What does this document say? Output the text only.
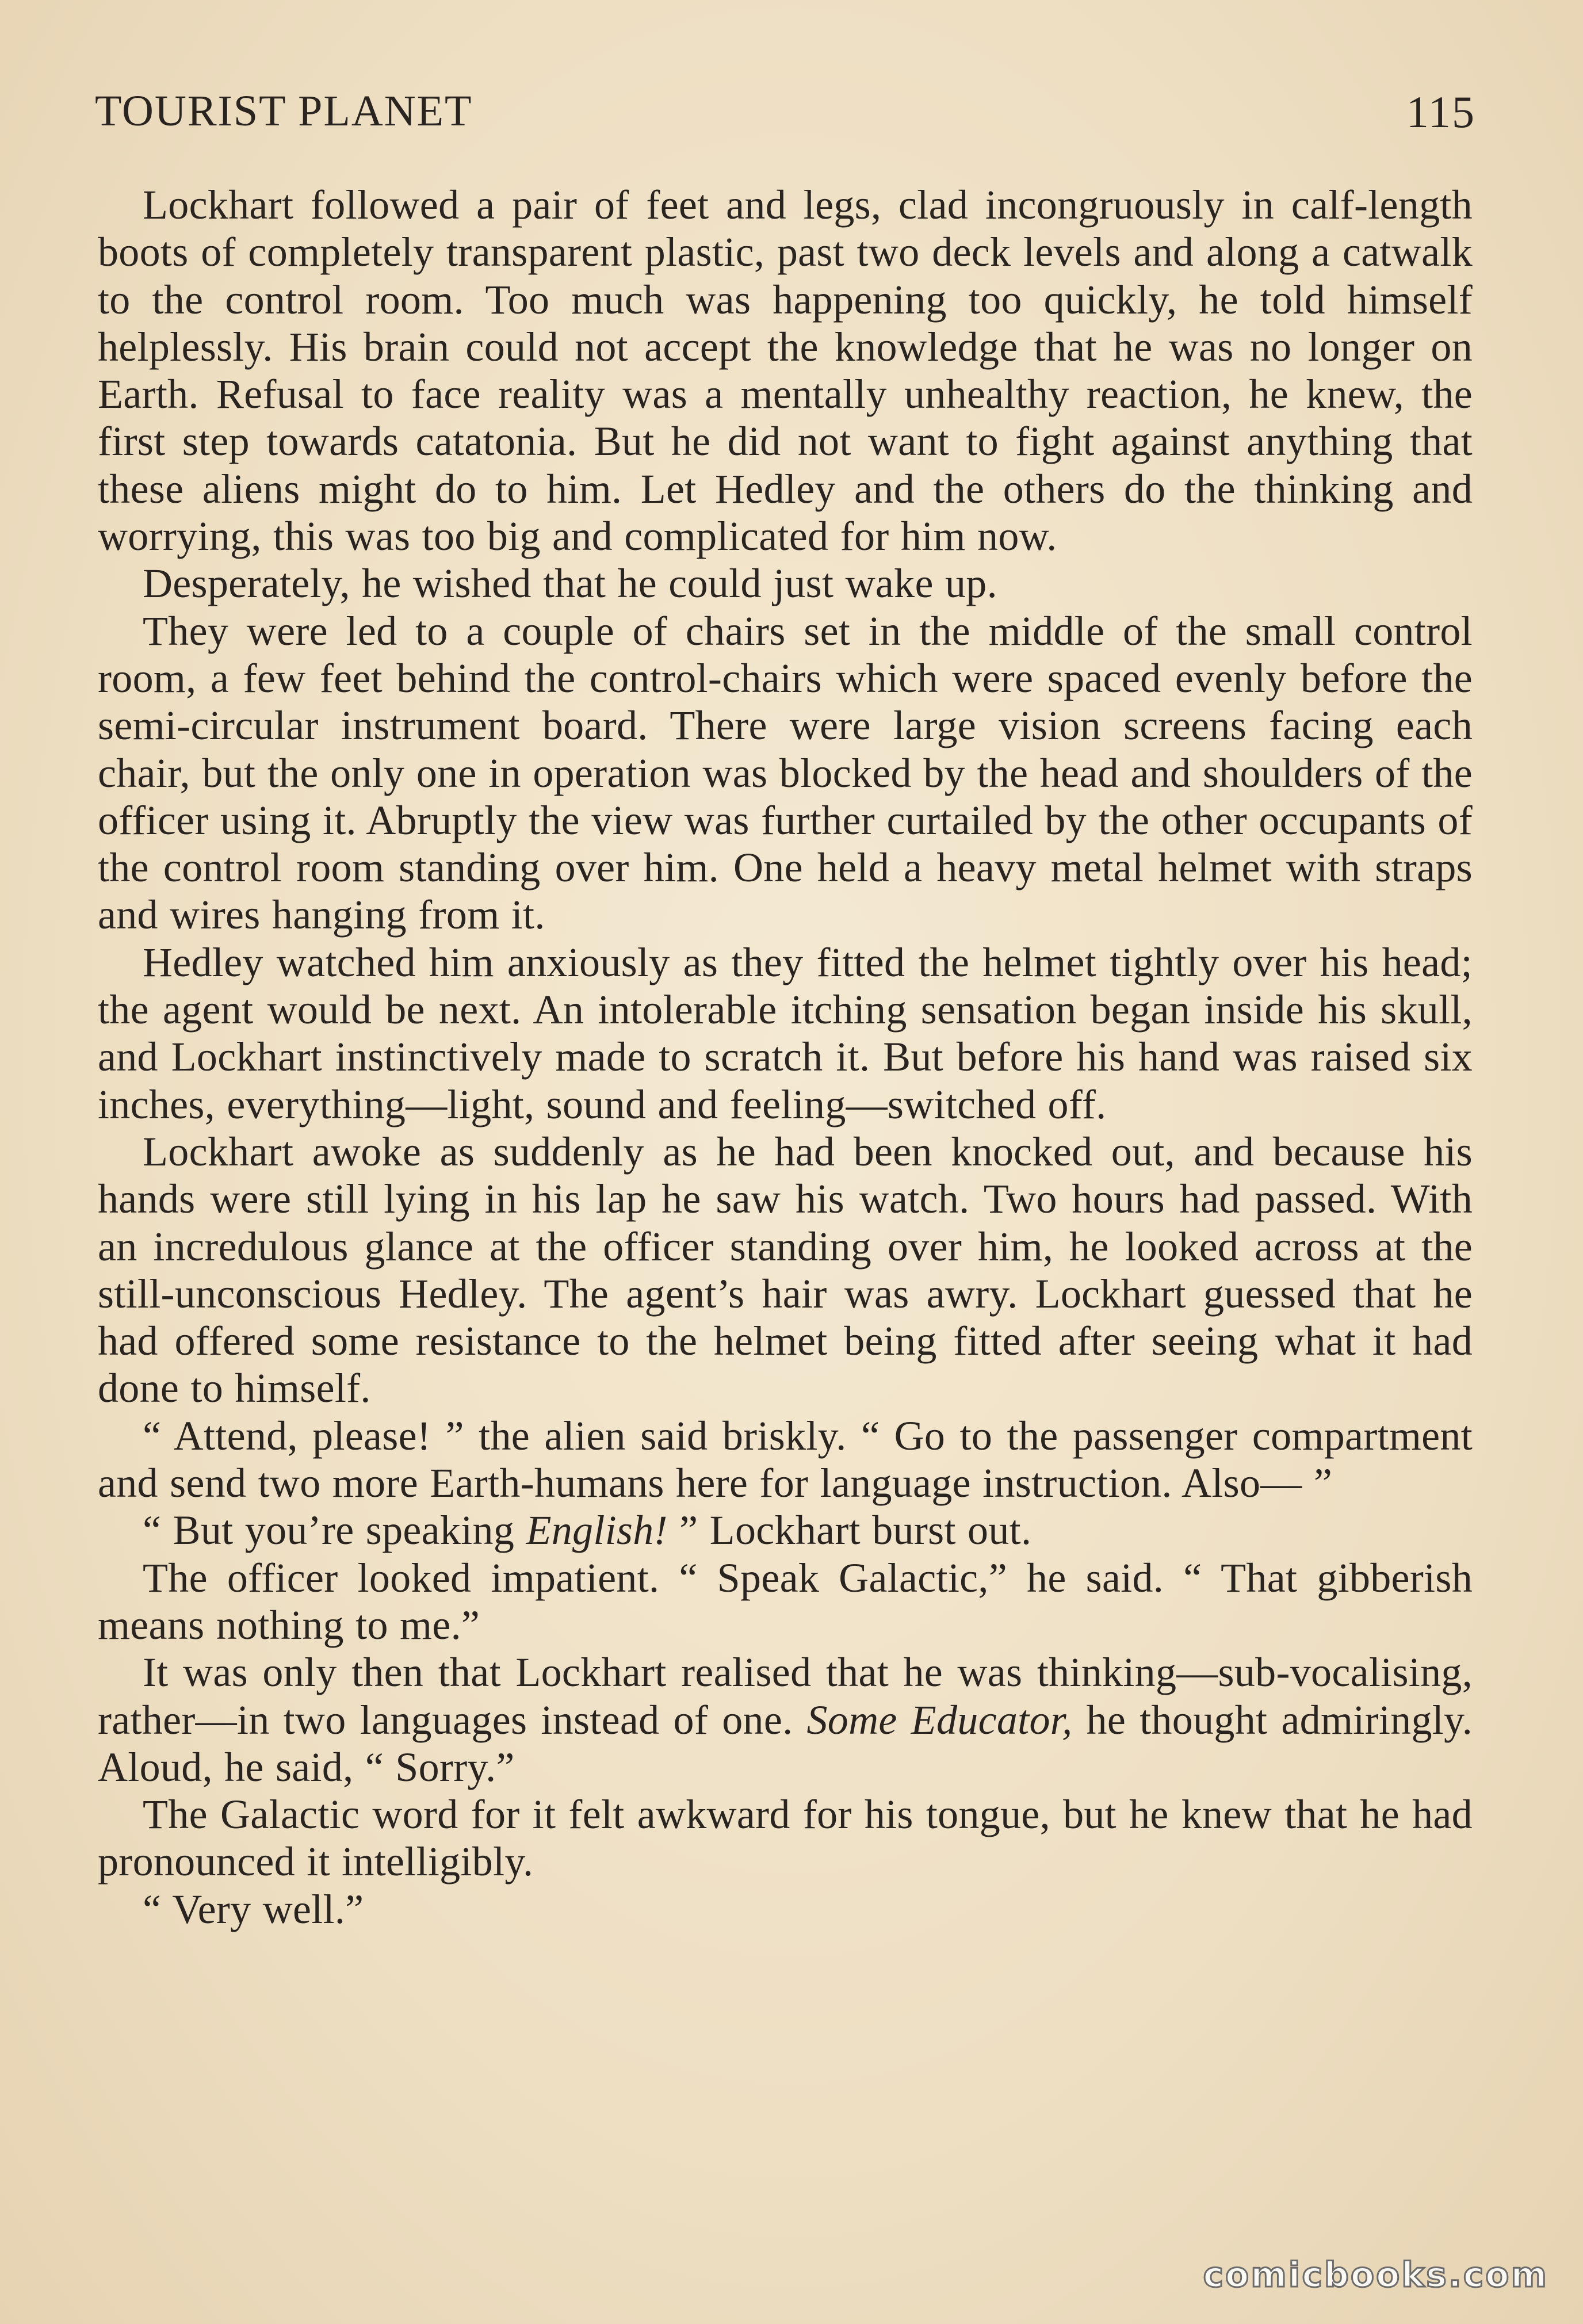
TOURIST PLANET	115

Lockhart followed a pair of feet and legs, clad incongruously in calf-length boots of completely transparent plastic, past two deck levels and along a catwalk to the control room. Too much was happening too quickly, he told himself helplessly. His brain could not accept the knowledge that he was no longer on Earth. Refusal to face reality was a mentally unhealthy reaction, he knew, the first step towards catatonia. But he did not want to fight against anything that these aliens might do to him. Let Hedley and the others do the thinking and worrying, this was too big and complicated for him now.

Desperately, he wished that he could just wake up.

They were led to a couple of chairs set in the middle of the small control room, a few feet behind the control-chairs which were spaced evenly before the semi-circular instrument board. There were large vision screens facing each chair, but the only one in operation was blocked by the head and shoulders of the officer using it. Abruptly the view was further curtailed by the other occupants of the control room standing over him. One held a heavy metal helmet with straps and wires hanging from it.

Hedley watched him anxiously as they fitted the helmet tightly over his head; the agent would be next. An intolerable itching sensation began inside his skull, and Lockhart instinctively made to scratch it. But before his hand was raised six inches, everything—light, sound and feeling—switched off.

Lockhart awoke as suddenly as he had been knocked out, and because his hands were still lying in his lap he saw his watch. Two hours had passed. With an incredulous glance at the officer standing over him, he looked across at the still-unconscious Hedley. The agent’s hair was awry. Lockhart guessed that he had offered some resistance to the helmet being fitted after seeing what it had done to himself.

“ Attend, please! ” the alien said briskly. “ Go to the passenger compartment and send two more Earth-humans here for language instruction. Also— ”

“ But you’re speaking English! ” Lockhart burst out.

The officer looked impatient. “ Speak Galactic,” he said. “ That gibberish means nothing to me.”

It was only then that Lockhart realised that he was thinking—sub-vocalising, rather—in two languages instead of one. Some Educator, he thought admiringly. Aloud, he said, “ Sorry.”

The Galactic word for it felt awkward for his tongue, but he knew that he had pronounced it intelligibly.

“ Very well.”

comicbooks.com
